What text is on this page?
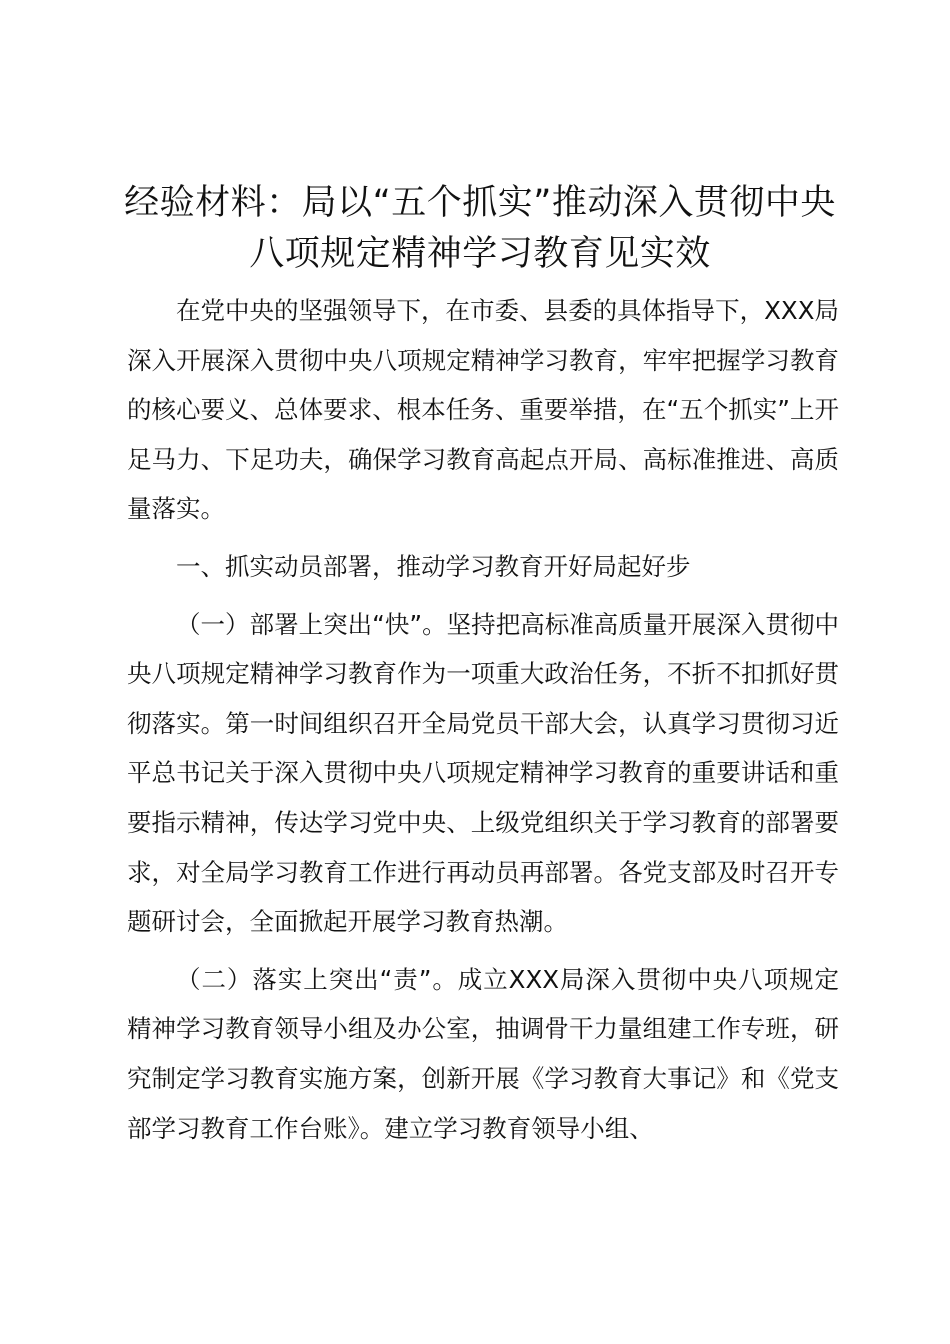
经验材料：局以“五个抓实”推动深入贯彻中央八项规定精神学习教育见实效

在党中央的坚强领导下，在市委、县委的具体指导下，XXX局深入开展深入贯彻中央八项规定精神学习教育，牢牢把握学习教育的核心要义、总体要求、根本任务、重要举措，在“五个抓实”上开足马力、下足功夫，确保学习教育高起点开局、高标准推进、高质量落实。

一、抓实动员部署，推动学习教育开好局起好步

（一）部署上突出“快”。坚持把高标准高质量开展深入贯彻中央八项规定精神学习教育作为一项重大政治任务，不折不扣抓好贯彻落实。第一时间组织召开全局党员干部大会，认真学习贯彻习近平总书记关于深入贯彻中央八项规定精神学习教育的重要讲话和重要指示精神，传达学习党中央、上级党组织关于学习教育的部署要求，对全局学习教育工作进行再动员再部署。各党支部及时召开专题研讨会，全面掀起开展学习教育热潮。

（二）落实上突出“责”。成立XXX局深入贯彻中央八项规定精神学习教育领导小组及办公室，抽调骨干力量组建工作专班，研究制定学习教育实施方案，创新开展《学习教育大事记》和《党支部学习教育工作台账》。建立学习教育领导小组、
